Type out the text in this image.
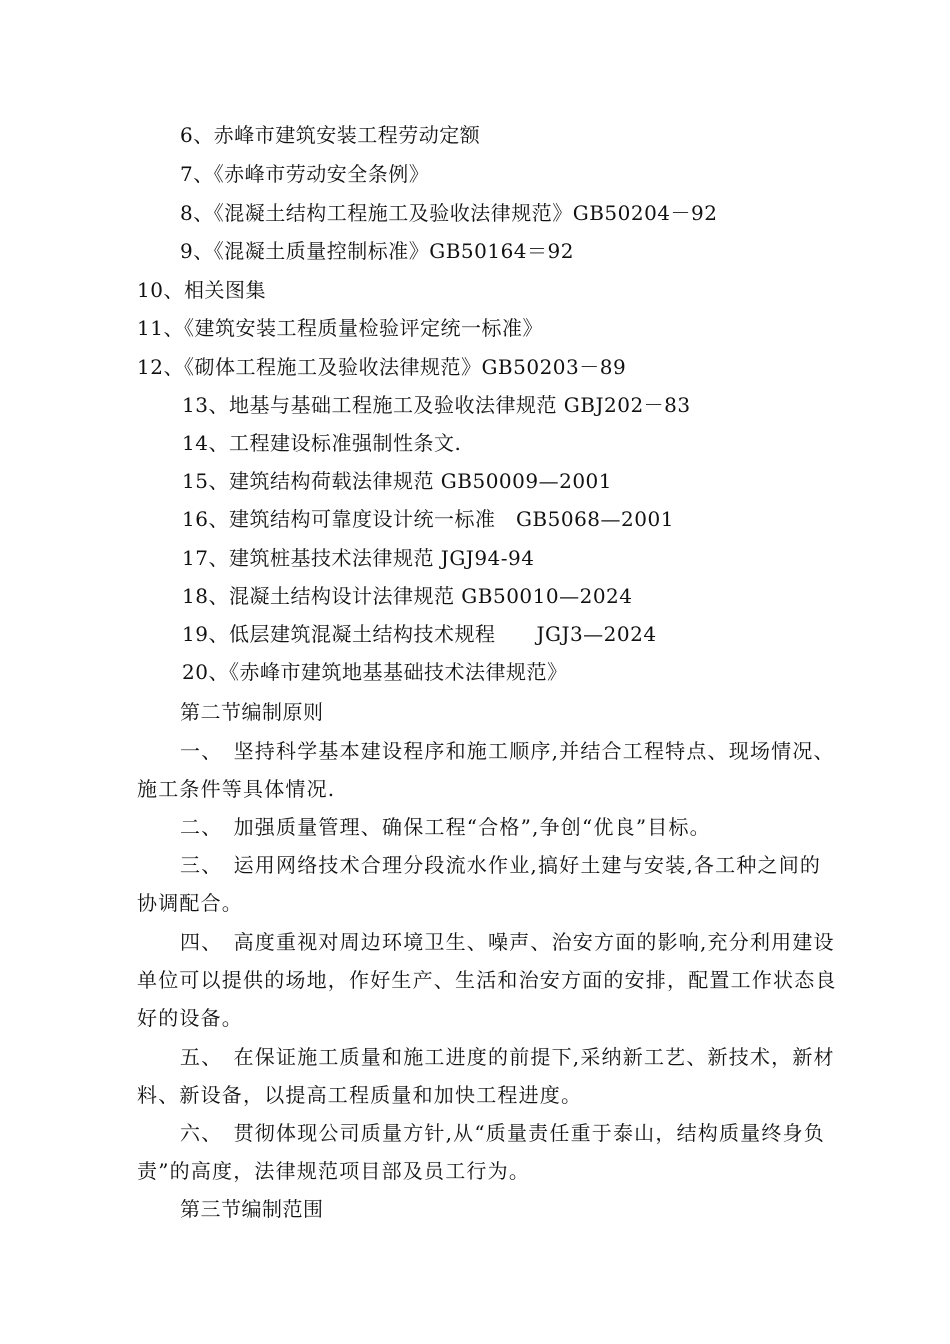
6、赤峰市建筑安装工程劳动定额
7、《赤峰市劳动安全条例》
8、《混凝土结构工程施工及验收法律规范》GB50204－92
9、《混凝土质量控制标准》GB50164＝92
10、相关图集
11、《建筑安装工程质量检验评定统一标准》
12、《砌体工程施工及验收法律规范》GB50203－89
13、地基与基础工程施工及验收法律规范 GBJ202－83
14、工程建设标准强制性条文.
15、建筑结构荷载法律规范 GB50009—2001
16、建筑结构可靠度设计统一标准　GB5068—2001
17、建筑桩基技术法律规范 JGJ94-94
18、混凝土结构设计法律规范 GB50010—2024
19、低层建筑混凝土结构技术规程　　JGJ3—2024
20、《赤峰市建筑地基基础技术法律规范》
第二节编制原则
一、　坚持科学基本建设程序和施工顺序,并结合工程特点、现场情况、
施工条件等具体情况.
二、　加强质量管理、确保工程“合格”,争创“优良”目标。
三、　运用网络技术合理分段流水作业,搞好土建与安装,各工种之间的
协调配合。
四、　高度重视对周边环境卫生、噪声、治安方面的影响,充分利用建设
单位可以提供的场地，作好生产、生活和治安方面的安排，配置工作状态良
好的设备。
五、　在保证施工质量和施工进度的前提下,采纳新工艺、新技术，新材
料、新设备，以提高工程质量和加快工程进度。
六、　贯彻体现公司质量方针,从“质量责任重于泰山，结构质量终身负
责”的高度，法律规范项目部及员工行为。
第三节编制范围
